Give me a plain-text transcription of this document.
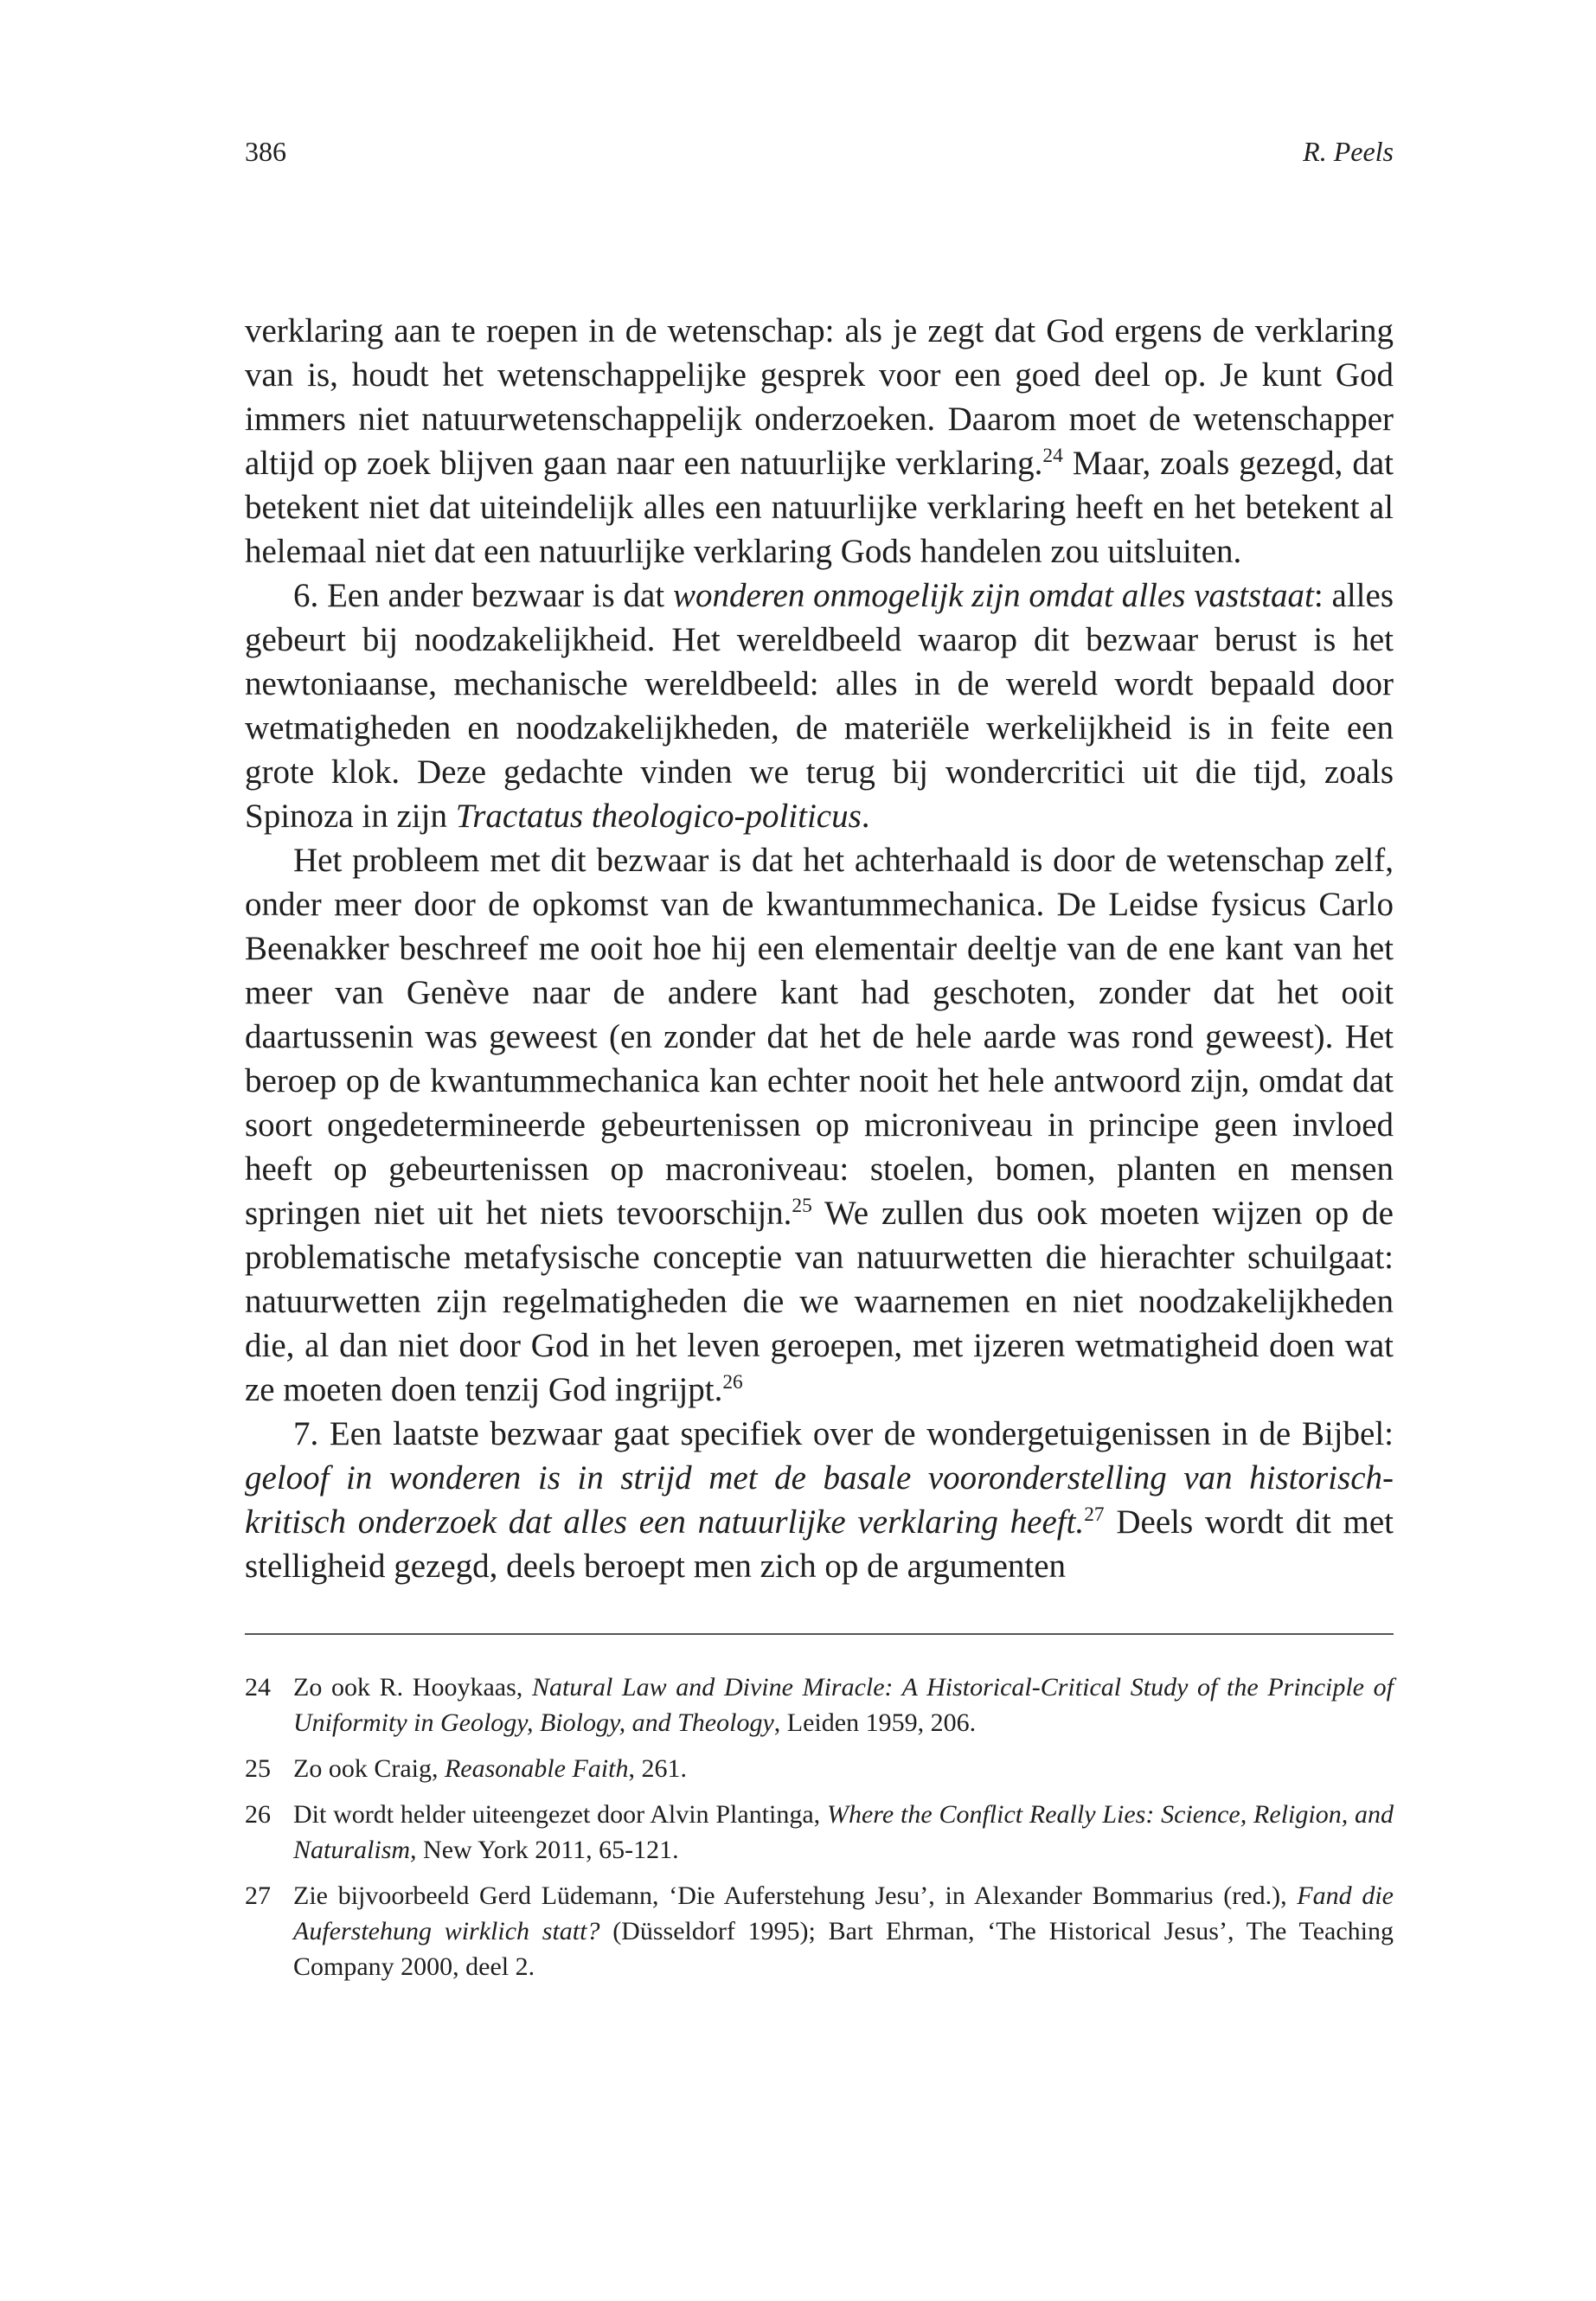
386	R. Peels

verklaring aan te roepen in de wetenschap: als je zegt dat God ergens de verklaring van is, houdt het wetenschappelijke gesprek voor een goed deel op. Je kunt God immers niet natuurwetenschappelijk onderzoeken. Daarom moet de wetenschapper altijd op zoek blijven gaan naar een natuurlijke verklaring.$^{24}$ Maar, zoals gezegd, dat betekent niet dat uiteindelijk alles een natuurlijke verklaring heeft en het betekent al helemaal niet dat een natuurlijke verklaring Gods handelen zou uitsluiten.

6. Een ander bezwaar is dat wonderen onmogelijk zijn omdat alles vaststaat: alles gebeurt bij noodzakelijkheid. Het wereldbeeld waarop dit bezwaar berust is het newtoniaanse, mechanische wereldbeeld: alles in de wereld wordt bepaald door wetmatigheden en noodzakelijkheden, de materiële werkelijkheid is in feite een grote klok. Deze gedachte vinden we terug bij wondercritici uit die tijd, zoals Spinoza in zijn Tractatus theologico-politicus.

Het probleem met dit bezwaar is dat het achterhaald is door de wetenschap zelf, onder meer door de opkomst van de kwantummechanica. De Leidse fysicus Carlo Beenakker beschreef me ooit hoe hij een elementair deeltje van de ene kant van het meer van Genève naar de andere kant had geschoten, zonder dat het ooit daartussenin was geweest (en zonder dat het de hele aarde was rond geweest). Het beroep op de kwantummechanica kan echter nooit het hele antwoord zijn, omdat dat soort ongedetermineerde gebeurtenissen op microniveau in principe geen invloed heeft op gebeurtenissen op macroniveau: stoelen, bomen, planten en mensen springen niet uit het niets tevoorschijn.$^{25}$ We zullen dus ook moeten wijzen op de problematische metafysische conceptie van natuurwetten die hierachter schuilgaat: natuurwetten zijn regelmatigheden die we waarnemen en niet noodzakelijkheden die, al dan niet door God in het leven geroepen, met ijzeren wetmatigheid doen wat ze moeten doen tenzij God ingrijpt.$^{26}$

7. Een laatste bezwaar gaat specifiek over de wondergetuigenissen in de Bijbel: geloof in wonderen is in strijd met de basale vooronderstelling van historisch-kritisch onderzoek dat alles een natuurlijke verklaring heeft.$^{27}$ Deels wordt dit met stelligheid gezegd, deels beroept men zich op de argumenten

24 Zo ook R. Hooykaas, Natural Law and Divine Miracle: A Historical-Critical Study of the Principle of Uniformity in Geology, Biology, and Theology, Leiden 1959, 206.
25 Zo ook Craig, Reasonable Faith, 261.
26 Dit wordt helder uiteengezet door Alvin Plantinga, Where the Conflict Really Lies: Science, Religion, and Naturalism, New York 2011, 65-121.
27 Zie bijvoorbeeld Gerd Lüdemann, ‘Die Auferstehung Jesu’, in Alexander Bommarius (red.), Fand die Auferstehung wirklich statt? (Düsseldorf 1995); Bart Ehrman, ‘The Historical Jesus’, The Teaching Company 2000, deel 2.
